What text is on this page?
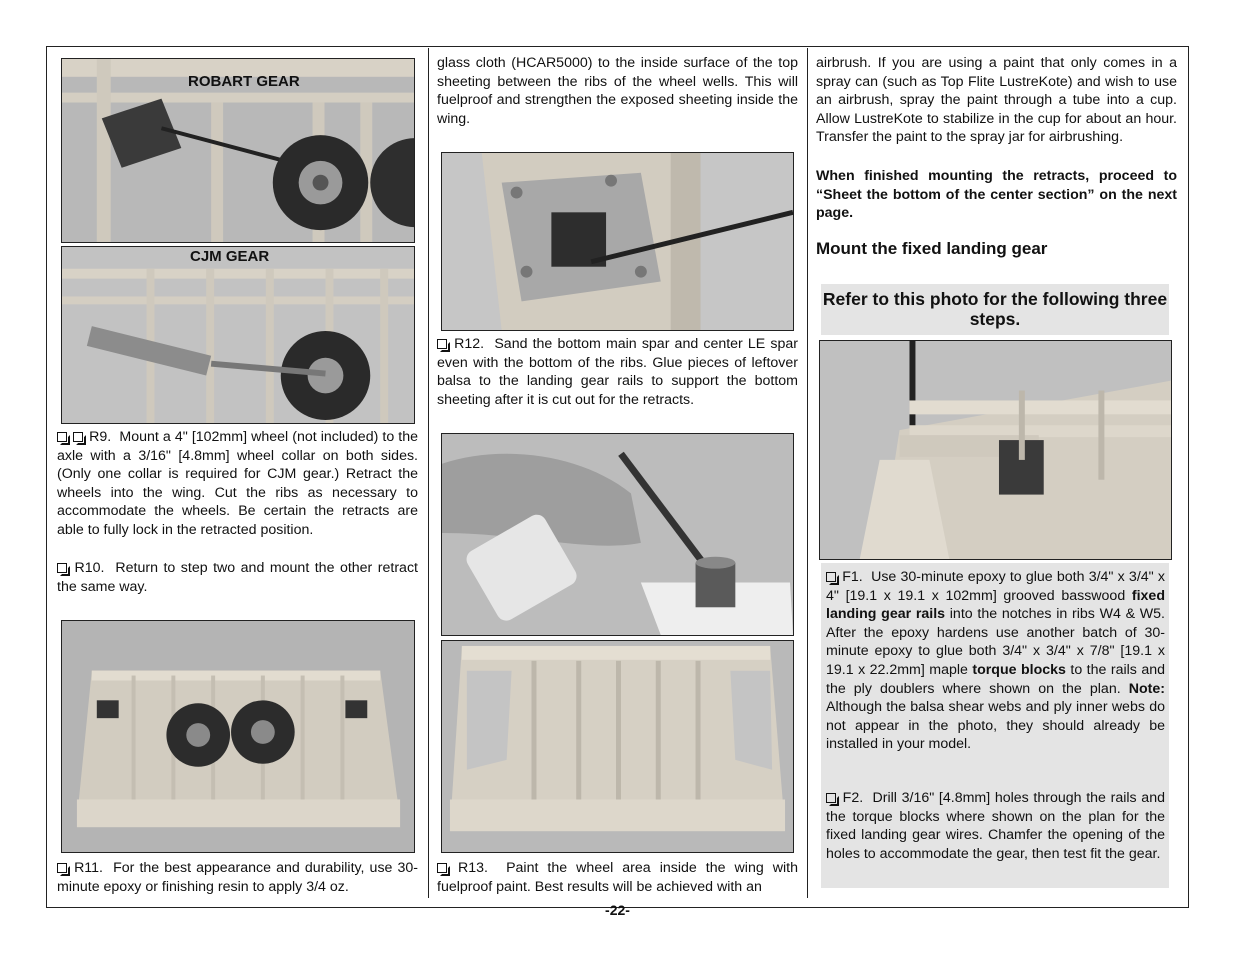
ROBART GEAR
CJM GEAR

R9. Mount a 4" [102mm] wheel (not included) to the axle with a 3/16" [4.8mm] wheel collar on both sides. (Only one collar is required for CJM gear.) Retract the wheels into the wing. Cut the ribs as necessary to accommodate the wheels. Be certain the retracts are able to fully lock in the retracted position.

R10. Return to step two and mount the other retract the same way.

R11. For the best appearance and durability, use 30-minute epoxy or finishing resin to apply 3/4 oz.

glass cloth (HCAR5000) to the inside surface of the top sheeting between the ribs of the wheel wells. This will fuelproof and strengthen the exposed sheeting inside the wing.

R12. Sand the bottom main spar and center LE spar even with the bottom of the ribs. Glue pieces of leftover balsa to the landing gear rails to support the bottom sheeting after it is cut out for the retracts.

R13. Paint the wheel area inside the wing with fuelproof paint. Best results will be achieved with an

airbrush. If you are using a paint that only comes in a spray can (such as Top Flite LustreKote) and wish to use an airbrush, spray the paint through a tube into a cup. Allow LustreKote to stabilize in the cup for about an hour. Transfer the paint to the spray jar for airbrushing.

When finished mounting the retracts, proceed to “Sheet the bottom of the center section” on the next page.

Mount the fixed landing gear
Refer to this photo for the following three steps.

F1. Use 30-minute epoxy to glue both 3/4" x 3/4" x 4" [19.1 x 19.1 x 102mm] grooved basswood fixed landing gear rails into the notches in ribs W4 & W5. After the epoxy hardens use another batch of 30-minute epoxy to glue both 3/4" x 3/4" x 7/8" [19.1 x 19.1 x 22.2mm] maple torque blocks to the rails and the ply doublers where shown on the plan. Note: Although the balsa shear webs and ply inner webs do not appear in the photo, they should already be installed in your model.

F2. Drill 3/16" [4.8mm] holes through the rails and the torque blocks where shown on the plan for the fixed landing gear wires. Chamfer the opening of the holes to accommodate the gear, then test fit the gear.

-22-
